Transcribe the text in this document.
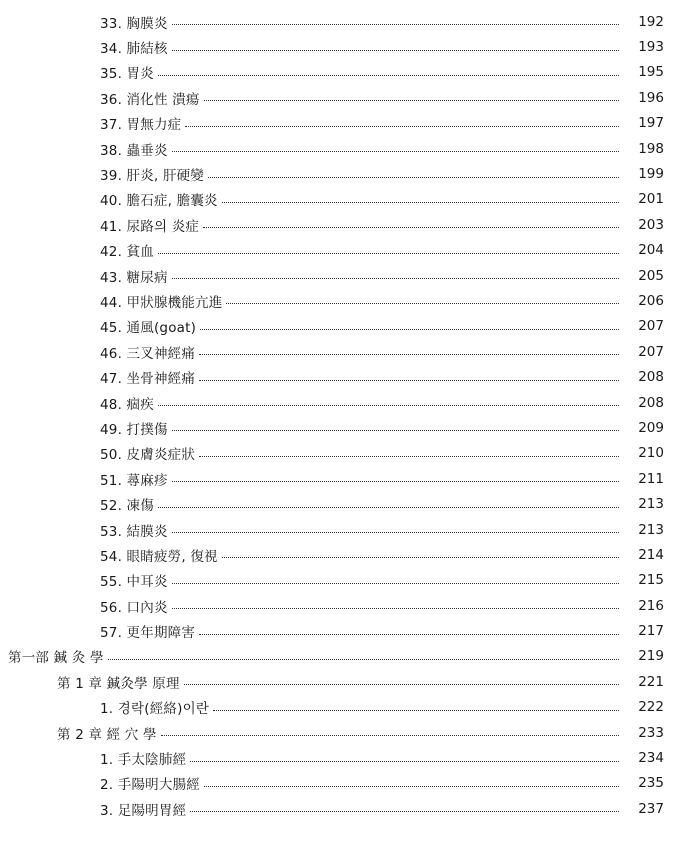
33. 胸膜炎	192
34. 肺結核	193
35. 胃炎	195
36. 消化性 潰瘍	196
37. 胃無力症	197
38. 蟲垂炎	198
39. 肝炎, 肝硬變	199
40. 膽石症, 膽囊炎	201
41. 尿路의 炎症	203
42. 貧血	204
43. 糖尿病	205
44. 甲狀腺機能亢進	206
45. 通風(goat)	207
46. 三叉神經痛	207
47. 坐骨神經痛	208
48. 痼疾	208
49. 打撲傷	209
50. 皮膚炎症狀	210
51. 蕁麻疹	211
52. 凍傷	213
53. 結膜炎	213
54. 眼睛疲勞, 復視	214
55. 中耳炎	215
56. 口內炎	216
57. 更年期障害	217
第一部 鍼 灸 學	219
第 1 章 鍼灸學 原理	221
1. 경락(經絡)이란	222
第 2 章 經 穴 學	233
1. 手太陰肺經	234
2. 手陽明大腸經	235
3. 足陽明胃經	237
